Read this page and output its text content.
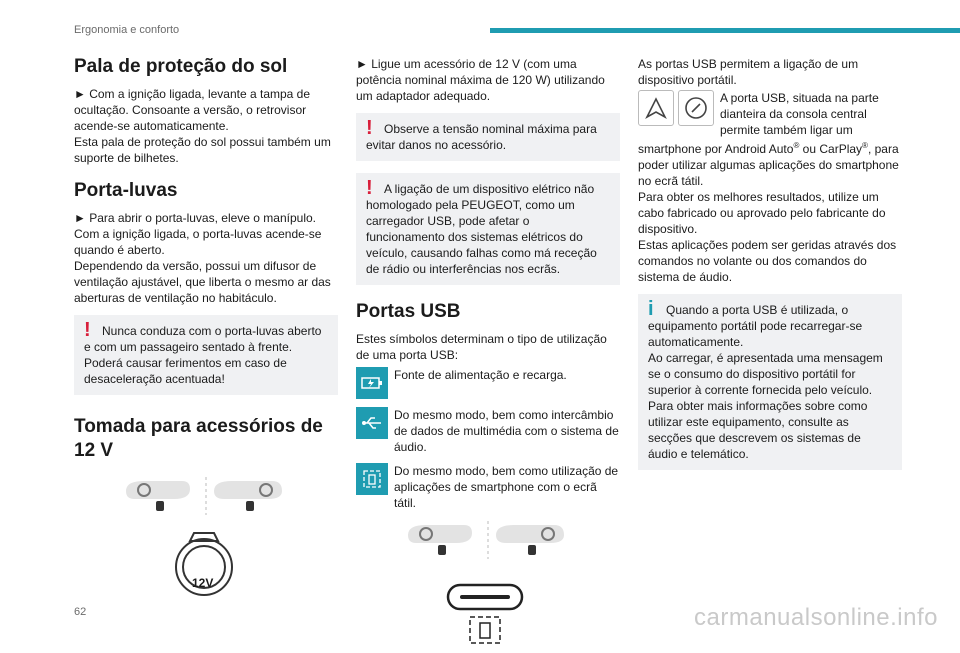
Ergonomia e conforto
Pala de proteção do sol

► Com a ignição ligada, levante a tampa de ocultação. Consoante a versão, o retrovisor acende-se automaticamente.

Esta pala de proteção do sol possui também um suporte de bilhetes.

Porta-luvas

► Para abrir o porta-luvas, eleve o manípulo.

Com a ignição ligada, o porta-luvas acende-se quando é aberto.

Dependendo da versão, possui um difusor de ventilação ajustável, que liberta o mesmo ar das aberturas de ventilação no habitáculo.

! Nunca conduza com o porta-luvas aberto e com um passageiro sentado à frente. Poderá causar ferimentos em caso de desaceleração acentuada!
Tomada para acessórios de 12 V
12V

► Ligue um acessório de 12 V (com uma potência nominal máxima de 120 W) utilizando um adaptador adequado.

! Observe a tensão nominal máxima para evitar danos no acessório.
! A ligação de um dispositivo elétrico não homologado pela PEUGEOT, como um carregador USB, pode afetar o funcionamento dos sistemas elétricos do veículo, causando falhas como má receção de rádio ou interferências nos ecrãs.
Portas USB

Estes símbolos determinam o tipo de utilização de uma porta USB:

Fonte de alimentação e recarga.
Do mesmo modo, bem como intercâmbio de dados de multimédia com o sistema de áudio.
Do mesmo modo, bem como utilização de aplicações de smartphone com o ecrã tátil.

As portas USB permitem a ligação de um dispositivo portátil.

A porta USB, situada na parte dianteira da consola central permite também ligar um smartphone por Android Auto® ou CarPlay®, para poder utilizar algumas aplicações do smartphone no ecrã tátil.

Para obter os melhores resultados, utilize um cabo fabricado ou aprovado pelo fabricante do dispositivo.

Estas aplicações podem ser geridas através dos comandos no volante ou dos comandos do sistema de áudio.

i Quando a porta USB é utilizada, o equipamento portátil pode recarregar-se automaticamente.
Ao carregar, é apresentada uma mensagem se o consumo do dispositivo portátil for superior à corrente fornecida pelo veículo.
Para obter mais informações sobre como utilizar este equipamento, consulte as secções que descrevem os sistemas de áudio e telemático.
62	carmanualsonline.info
